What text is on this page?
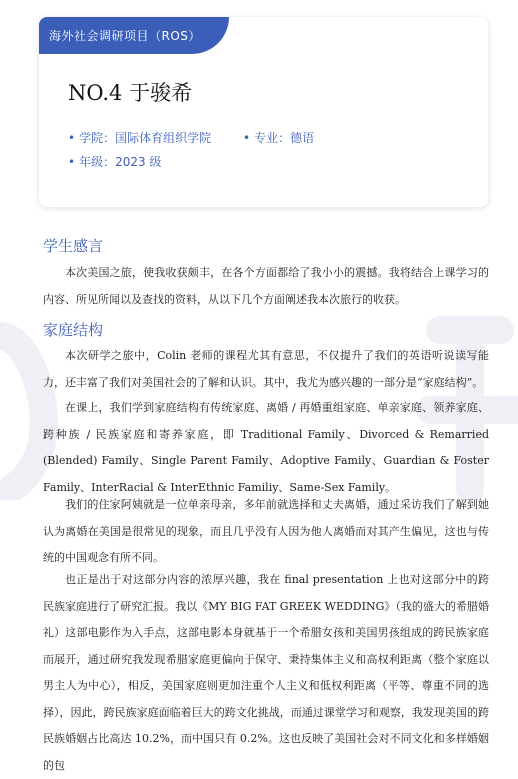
海外社会调研项目（ROS）
NO.4 于骏希
• 学院：国际体育组织学院	• 专业：德语
• 年级：2023 级
学生感言

本次美国之旅，使我收获颇丰，在各个方面都给了我小小的震撼。我将结合上课学习的内容、所见所闻以及查找的资料，从以下几个方面阐述我本次旅行的收获。

家庭结构

本次研学之旅中，Colin 老师的课程尤其有意思，不仅提升了我们的英语听说读写能力，还丰富了我们对美国社会的了解和认识。其中，我尤为感兴趣的一部分是“家庭结构”。

在课上，我们学到家庭结构有传统家庭、离婚 / 再婚重组家庭、单亲家庭、领养家庭、跨种族 / 民族家庭和寄养家庭，即 Traditional Family、Divorced & Remarried (Blended) Family、Single Parent Family、Adoptive Family、Guardian & Foster Family、InterRacial & InterEthnic Familiy、Same-Sex Family。

我们的住家阿姨就是一位单亲母亲，多年前就选择和丈夫离婚，通过采访我们了解到她认为离婚在美国是很常见的现象，而且几乎没有人因为他人离婚而对其产生偏见，这也与传统的中国观念有所不同。

也正是出于对这部分内容的浓厚兴趣，我在 final presentation 上也对这部分中的跨民族家庭进行了研究汇报。我以《MY BIG FAT GREEK WEDDING》（我的盛大的希腊婚礼）这部电影作为入手点，这部电影本身就基于一个希腊女孩和美国男孩组成的跨民族家庭而展开，通过研究我发现希腊家庭更偏向于保守、秉持集体主义和高权利距离（整个家庭以男主人为中心），相反，美国家庭则更加注重个人主义和低权利距离（平等、尊重不同的选择），因此，跨民族家庭面临着巨大的跨文化挑战，而通过课堂学习和观察，我发现美国的跨民族婚姻占比高达 10.2%，而中国只有 0.2%。这也反映了美国社会对不同文化和多样婚姻的包
